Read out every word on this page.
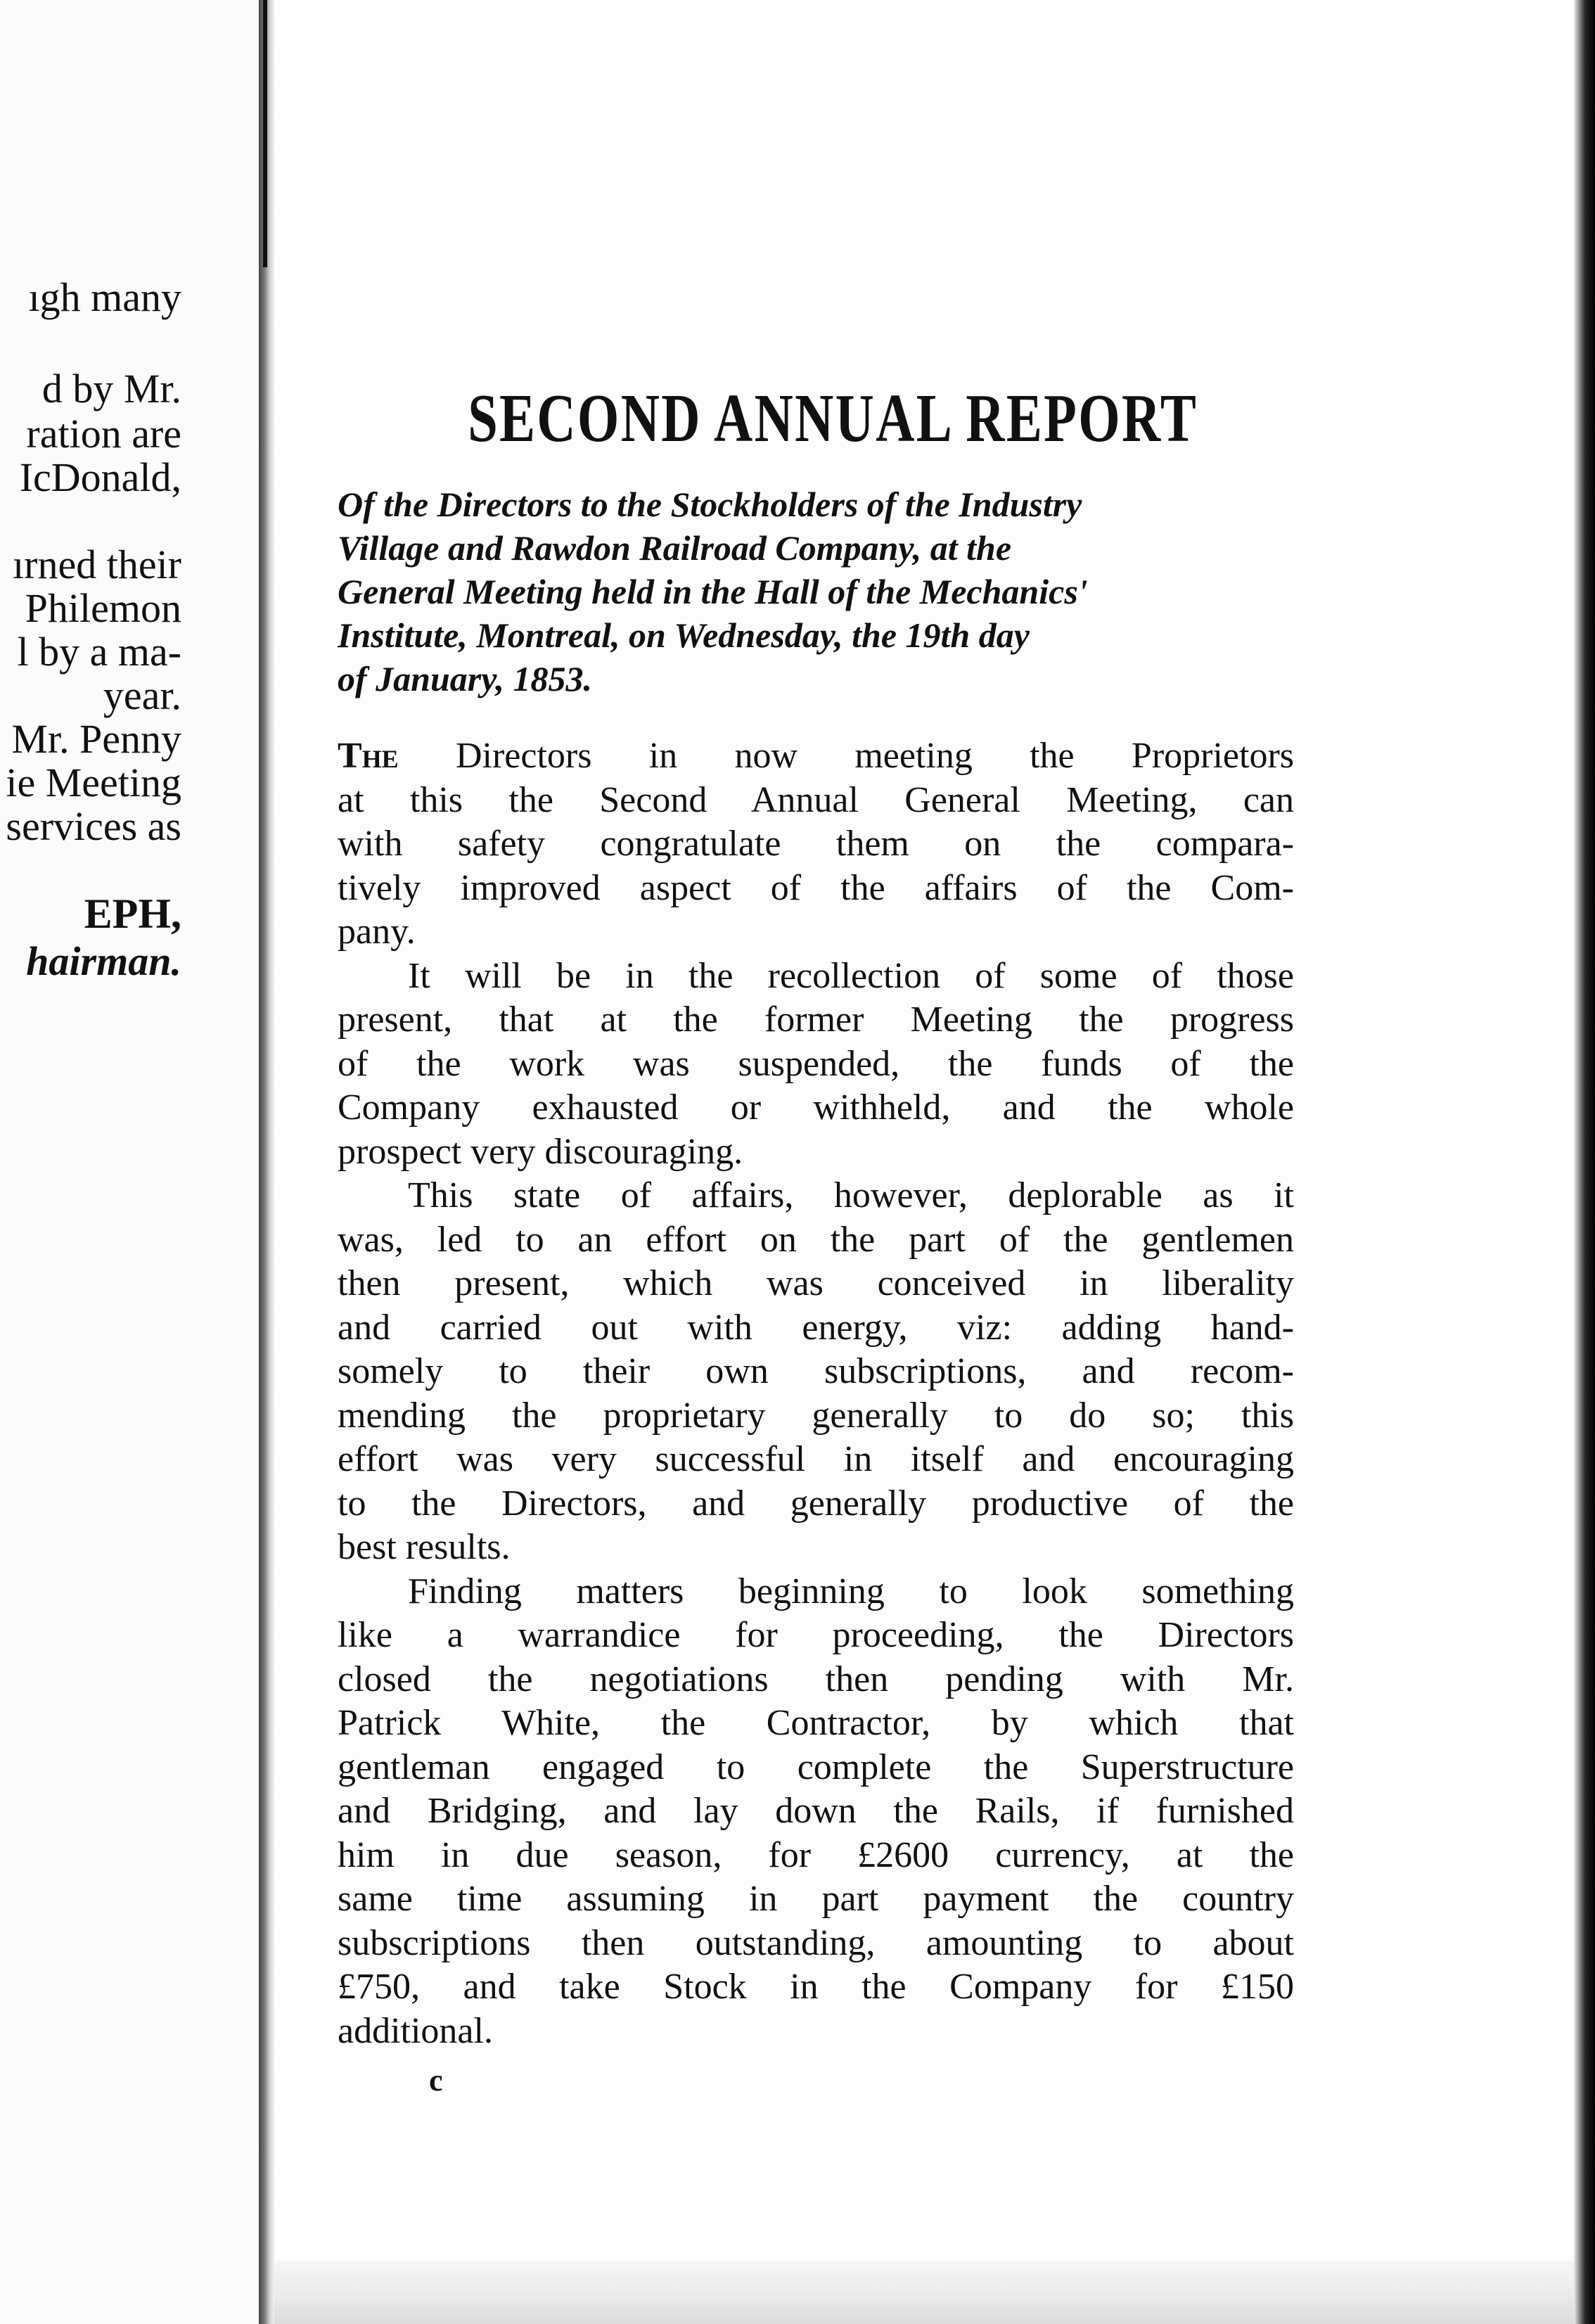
ıgh many
d by Mr.
ration are
IcDonald,
ırned their
Philemon
l by a ma-
year.
Mr. Penny
ie Meeting
services as
EPH,
hairman.
SECOND ANNUAL REPORT
Of the Directors to the Stockholders of the Industry
Village and Rawdon Railroad Company, at the
General Meeting held in the Hall of the Mechanics'
Institute, Montreal, on Wednesday, the 19th day
of January, 1853.
The Directors in now meeting the Proprietors
at this the Second Annual General Meeting, can
with safety congratulate them on the compara-
tively improved aspect of the affairs of the Com-
pany.
It will be in the recollection of some of those
present, that at the former Meeting the progress
of the work was suspended, the funds of the
Company exhausted or withheld, and the whole
prospect very discouraging.
This state of affairs, however, deplorable as it
was, led to an effort on the part of the gentlemen
then present, which was conceived in liberality
and carried out with energy, viz: adding hand-
somely to their own subscriptions, and recom-
mending the proprietary generally to do so; this
effort was very successful in itself and encouraging
to the Directors, and generally productive of the
best results.
Finding matters beginning to look something
like a warrandice for proceeding, the Directors
closed the negotiations then pending with Mr.
Patrick White, the Contractor, by which that
gentleman engaged to complete the Superstructure
and Bridging, and lay down the Rails, if furnished
him in due season, for £2600 currency, at the
same time assuming in part payment the country
subscriptions then outstanding, amounting to about
£750, and take Stock in the Company for £150
additional.
c
